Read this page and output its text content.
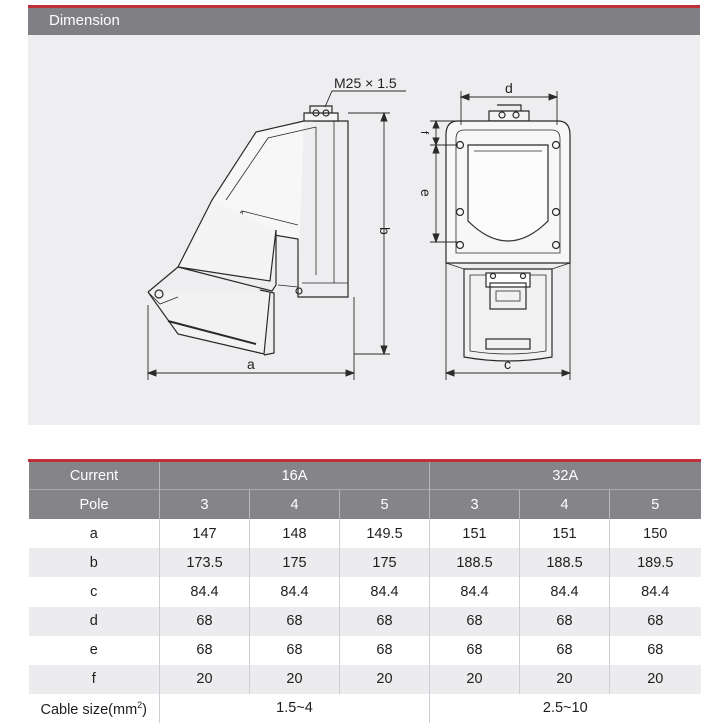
Dimension
M25 × 1.5
a
b
d
f
e
c
Current	16A			32A		
Pole	3	4	5	3	4	5
a	147	148	149.5	151	151	150
b	173.5	175	175	188.5	188.5	189.5
c	84.4	84.4	84.4	84.4	84.4	84.4
d	68	68	68	68	68	68
e	68	68	68	68	68	68
f	20	20	20	20	20	20
Cable $size(mm^2)$	1.5~4			2.5~10		
